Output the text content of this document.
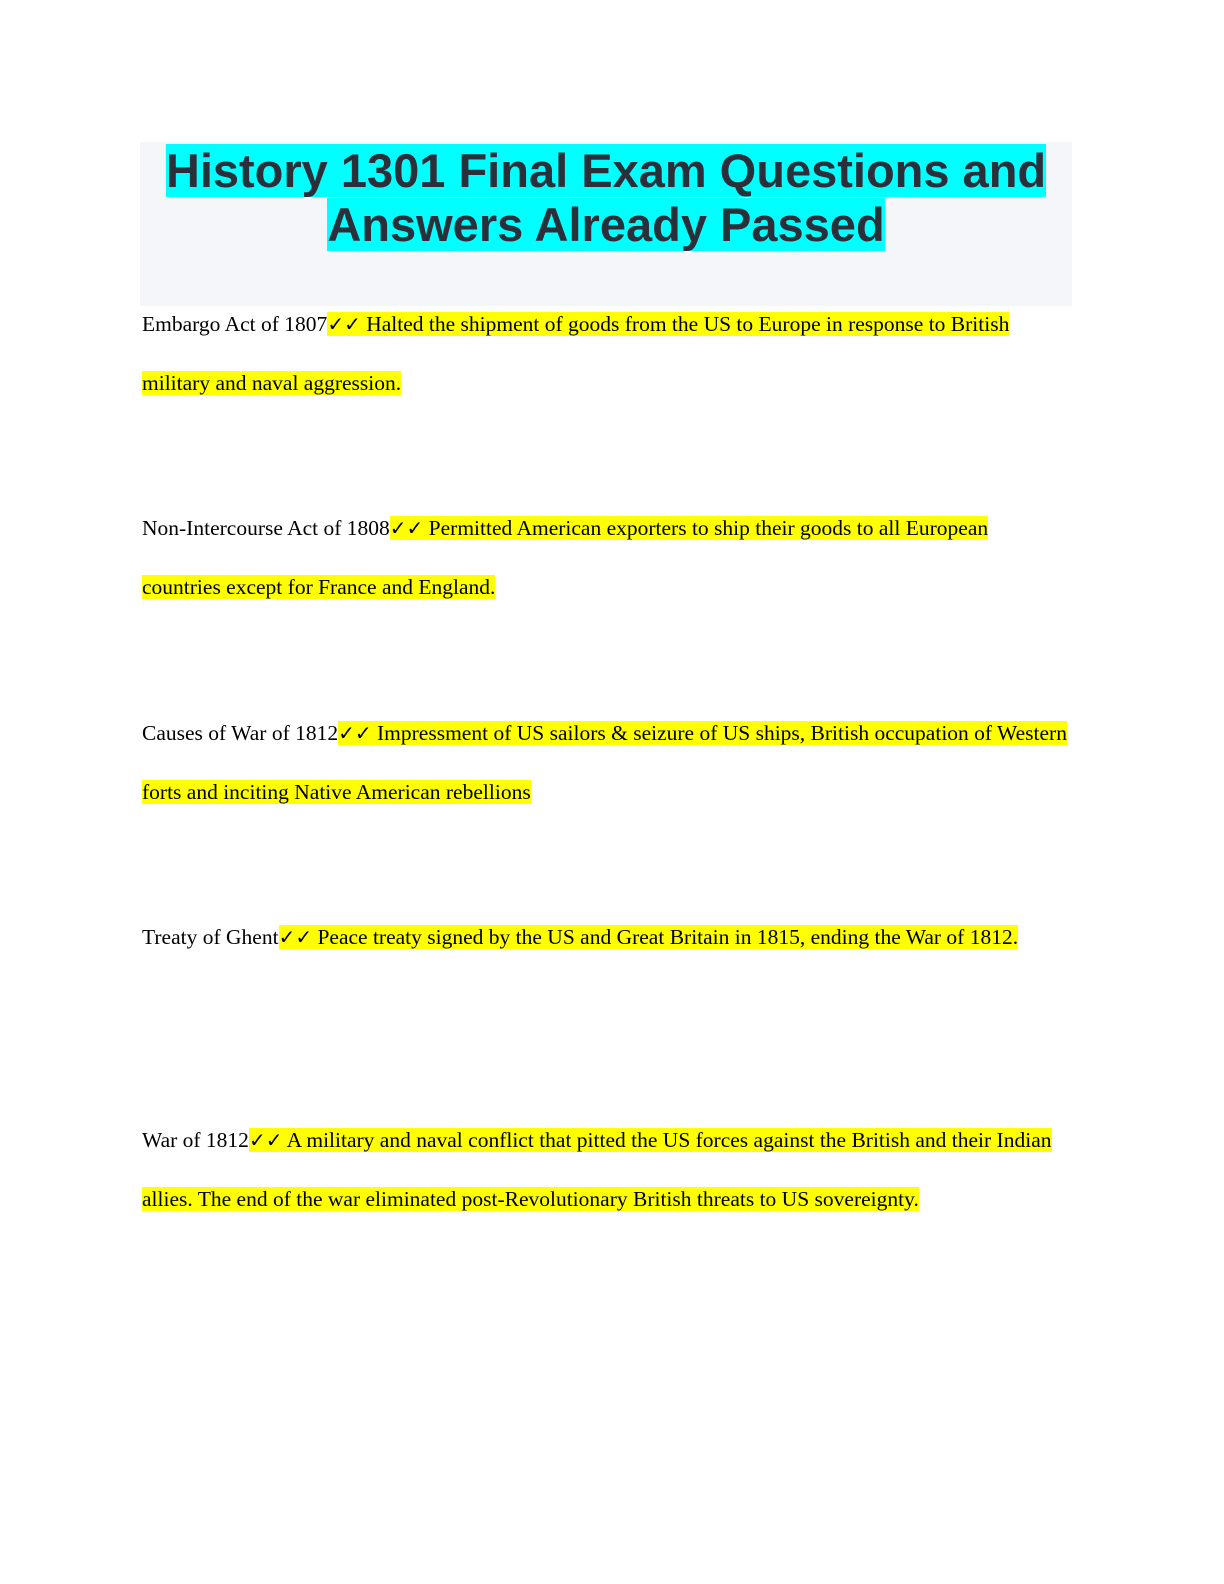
History 1301 Final Exam Questions and
Answers Already Passed

Embargo Act of 1807✓✓ Halted the shipment of goods from the US to Europe in response to British military and naval aggression.

Non-Intercourse Act of 1808✓✓ Permitted American exporters to ship their goods to all European countries except for France and England.

Causes of War of 1812✓✓ Impressment of US sailors & seizure of US ships, British occupation of Western forts and inciting Native American rebellions

Treaty of Ghent✓✓ Peace treaty signed by the US and Great Britain in 1815, ending the War of 1812.

War of 1812✓✓ A military and naval conflict that pitted the US forces against the British and their Indian allies. The end of the war eliminated post-Revolutionary British threats to US sovereignty.
